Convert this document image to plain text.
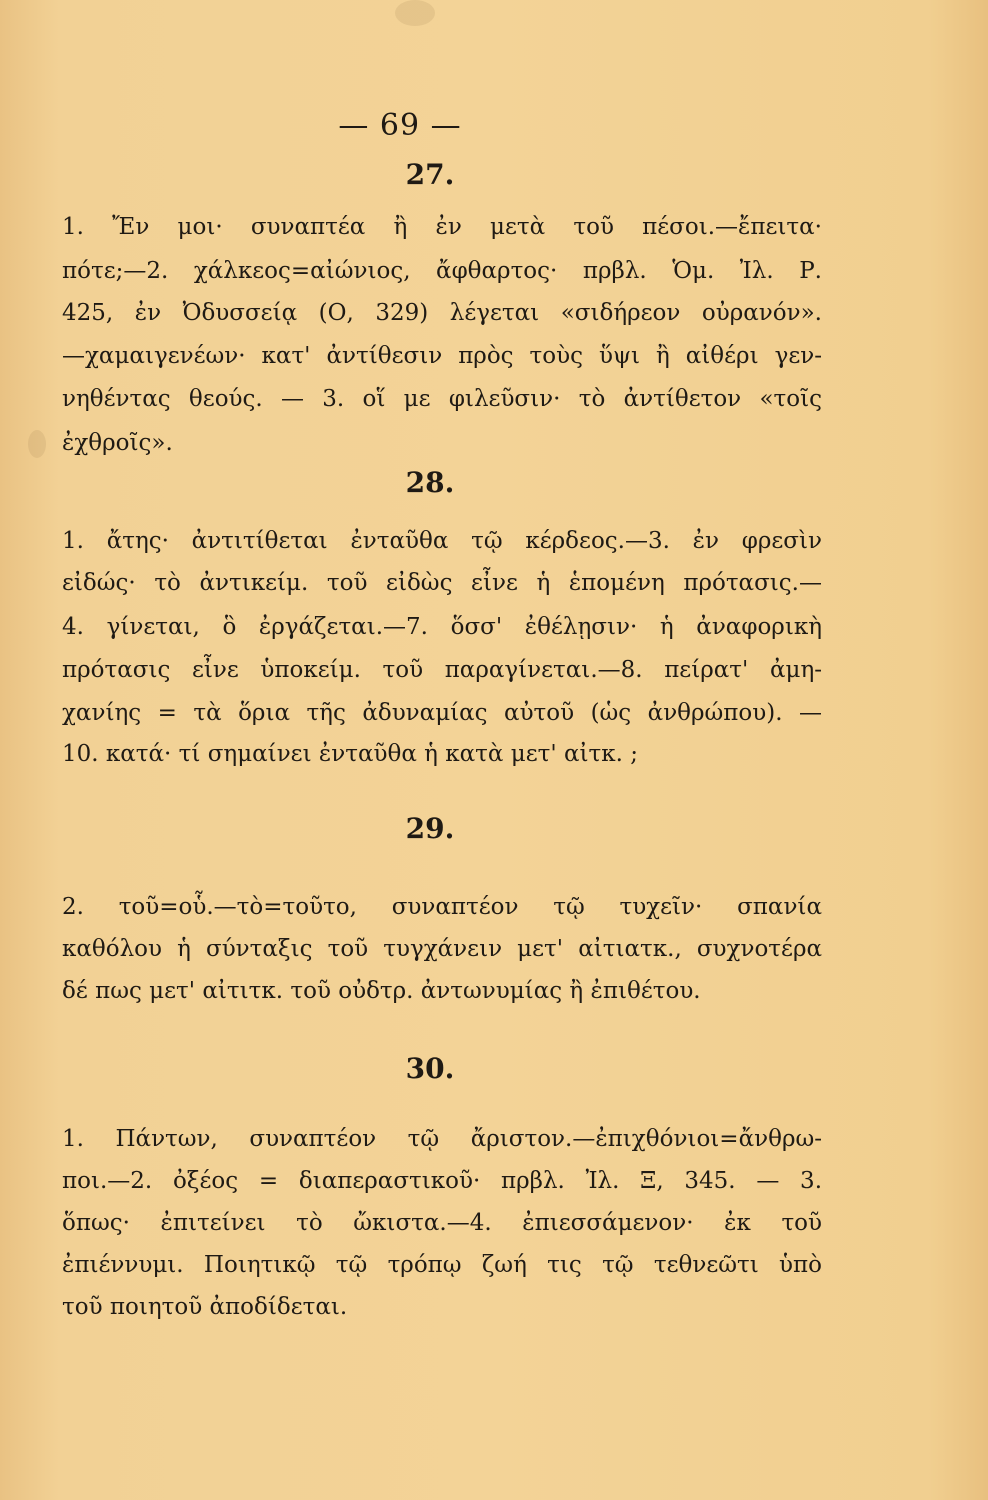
— 69 —
27.
1. Ἔν μοι· συναπτέα ἢ ἐν μετὰ τοῦ πέσοι.—ἔπειτα·
πότε;—2. χάλκεος=αἰώνιος, ἄφθαρτος· πρβλ. Ὁμ. Ἰλ. Ρ.
425, ἐν Ὀδυσσείᾳ (Ο, 329) λέγεται «σιδήρεον οὐρανόν».
—χαμαιγενέων· κατ' ἀντίθεσιν πρὸς τοὺς ὕψι ἢ αἰθέρι γεν-
νηθέντας θεούς. — 3. οἵ με φιλεῦσιν· τὸ ἀντίθετον «τοῖς
ἐχθροῖς».
28.
1. ἄτης· ἀντιτίθεται ἐνταῦθα τῷ κέρδεος.—3. ἐν φρεσὶν
εἰδώς· τὸ ἀντικείμ. τοῦ εἰδὼς εἶνε ἡ ἑπομένη πρότασις.—
4. γίνεται, ὃ ἐργάζεται.—7. ὅσσ' ἐθέλῃσιν· ἡ ἀναφορικὴ
πρότασις εἶνε ὑποκείμ. τοῦ παραγίνεται.—8. πείρατ' ἀμη-
χανίης = τὰ ὅρια τῆς ἀδυναμίας αὐτοῦ (ὡς ἀνθρώπου). —
10. κατά· τί σημαίνει ἐνταῦθα ἡ κατὰ μετ' αἰτκ. ;
29.
2. τοῦ=οὗ.—τὸ=τοῦτο, συναπτέον τῷ τυχεῖν· σπανία
καθόλου ἡ σύνταξις τοῦ τυγχάνειν μετ' αἰτιατκ., συχνοτέρα
δέ πως μετ' αἰτιτκ. τοῦ οὐδτρ. ἀντωνυμίας ἢ ἐπιθέτου.
30.
1. Πάντων, συναπτέον τῷ ἄριστον.—ἐπιχθόνιοι=ἄνθρω-
ποι.—2. ὀξέος = διαπεραστικοῦ· πρβλ. Ἰλ. Ξ, 345. — 3.
ὅπως· ἐπιτείνει τὸ ὤκιστα.—4. ἐπιεσσάμενον· ἐκ τοῦ
ἐπιέννυμι. Ποιητικῷ τῷ τρόπῳ ζωή τις τῷ τεθνεῶτι ὑπὸ
τοῦ ποιητοῦ ἀποδίδεται.
